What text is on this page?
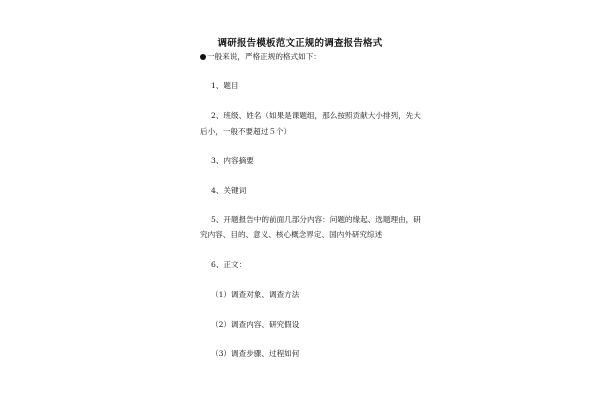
调研报告模板范文正规的调查报告格式
一般来说，严格正规的格式如下：
1、题目
2、班级、姓名（如果是课题组，那么按照贡献大小排列，先大
后小，一般不要超过５个）
3、内容摘要
4、关键词
5、开题报告中的前面几部分内容：问题的缘起、选题理由，研
究内容、目的、意义、核心概念界定、国内外研究综述
6、正文：
（1）调查对象、调查方法
（2）调查内容、研究假设
（3）调查步骤、过程如何
